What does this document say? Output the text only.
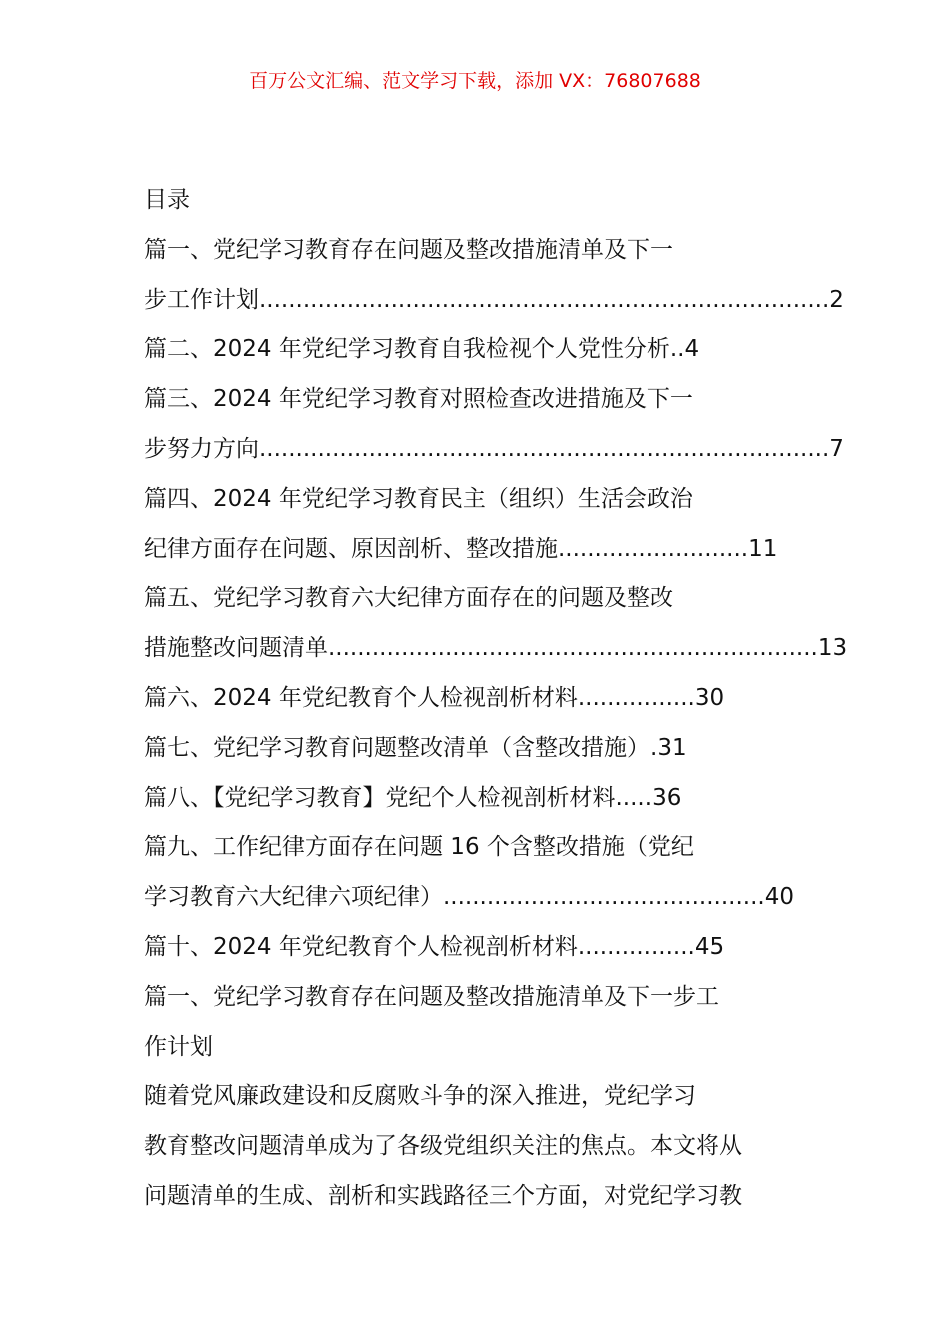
百万公文汇编、范文学习下载，添加 VX：76807688
目录
篇一、党纪学习教育存在问题及整改措施清单及下一
步工作计划 .............................................................................. 2
篇二、2024 年党纪学习教育自我检视个人党性分析 .. 4
篇三、2024 年党纪学习教育对照检查改进措施及下一
步努力方向 .............................................................................. 7
篇四、2024 年党纪学习教育民主（组织）生活会政治
纪律方面存在问题、原因剖析、整改措施 .......................... 11
篇五、党纪学习教育六大纪律方面存在的问题及整改
措施整改问题清单 ................................................................... 13
篇六、2024 年党纪教育个人检视剖析材料 ................ 30
篇七、党纪学习教育问题整改清单（含整改措施） . 31
篇八、【党纪学习教育】党纪个人检视剖析材料 ..... 36
篇九、工作纪律方面存在问题 16 个含整改措施（党纪
学习教育六大纪律六项纪律） ............................................ 40
篇十、2024 年党纪教育个人检视剖析材料 ................ 45
篇一、党纪学习教育存在问题及整改措施清单及下一步工
作计划
随着党风廉政建设和反腐败斗争的深入推进，党纪学习
教育整改问题清单成为了各级党组织关注的焦点。本文将从
问题清单的生成、剖析和实践路径三个方面，对党纪学习教
